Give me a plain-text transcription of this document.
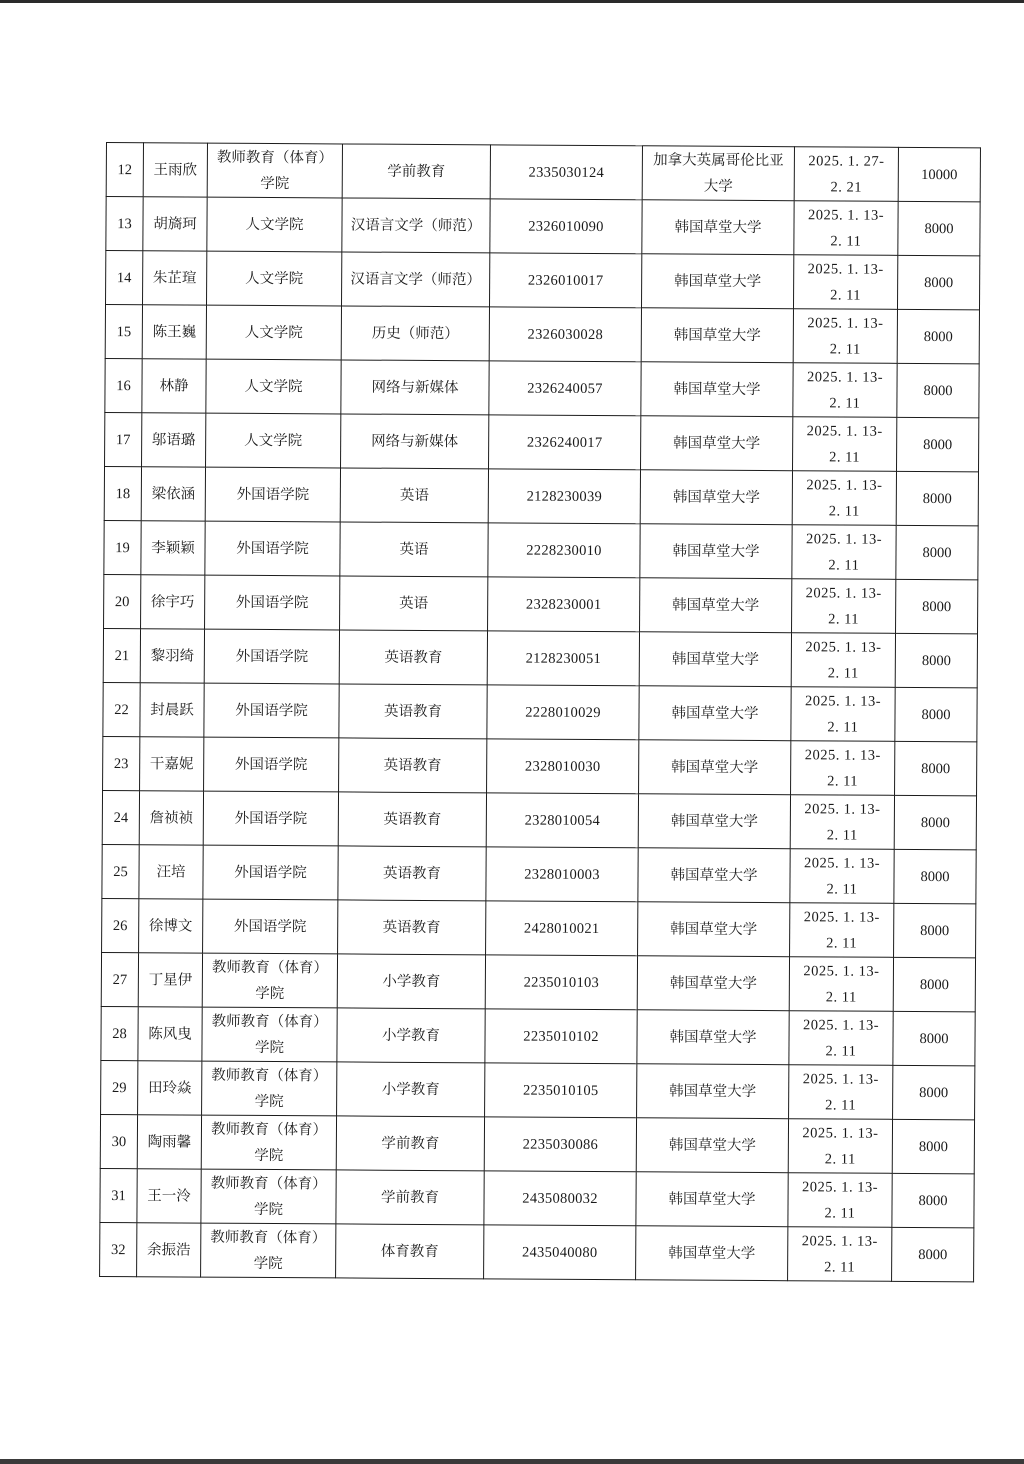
12	王雨欣	教师教育（体育）学院	学前教育	2335030124	加拿大英属哥伦比亚大学	2025. 1. 27-
2. 21	10000
13	胡旖珂	人文学院	汉语言文学（师范）	2326010090	韩国草堂大学	2025. 1. 13-
2. 11	8000
14	朱芷瑄	人文学院	汉语言文学（师范）	2326010017	韩国草堂大学	2025. 1. 13-
2. 11	8000
15	陈王巍	人文学院	历史（师范）	2326030028	韩国草堂大学	2025. 1. 13-
2. 11	8000
16	林静	人文学院	网络与新媒体	2326240057	韩国草堂大学	2025. 1. 13-
2. 11	8000
17	邬语璐	人文学院	网络与新媒体	2326240017	韩国草堂大学	2025. 1. 13-
2. 11	8000
18	梁依涵	外国语学院	英语	2128230039	韩国草堂大学	2025. 1. 13-
2. 11	8000
19	李颖颖	外国语学院	英语	2228230010	韩国草堂大学	2025. 1. 13-
2. 11	8000
20	徐宇巧	外国语学院	英语	2328230001	韩国草堂大学	2025. 1. 13-
2. 11	8000
21	黎羽绮	外国语学院	英语教育	2128230051	韩国草堂大学	2025. 1. 13-
2. 11	8000
22	封晨跃	外国语学院	英语教育	2228010029	韩国草堂大学	2025. 1. 13-
2. 11	8000
23	干嘉妮	外国语学院	英语教育	2328010030	韩国草堂大学	2025. 1. 13-
2. 11	8000
24	詹祯祯	外国语学院	英语教育	2328010054	韩国草堂大学	2025. 1. 13-
2. 11	8000
25	汪培	外国语学院	英语教育	2328010003	韩国草堂大学	2025. 1. 13-
2. 11	8000
26	徐博文	外国语学院	英语教育	2428010021	韩国草堂大学	2025. 1. 13-
2. 11	8000
27	丁星伊	教师教育（体育）学院	小学教育	2235010103	韩国草堂大学	2025. 1. 13-
2. 11	8000
28	陈风曳	教师教育（体育）学院	小学教育	2235010102	韩国草堂大学	2025. 1. 13-
2. 11	8000
29	田玲焱	教师教育（体育）学院	小学教育	2235010105	韩国草堂大学	2025. 1. 13-
2. 11	8000
30	陶雨馨	教师教育（体育）学院	学前教育	2235030086	韩国草堂大学	2025. 1. 13-
2. 11	8000
31	王一泠	教师教育（体育）学院	学前教育	2435080032	韩国草堂大学	2025. 1. 13-
2. 11	8000
32	余振浩	教师教育（体育）学院	体育教育	2435040080	韩国草堂大学	2025. 1. 13-
2. 11	8000
